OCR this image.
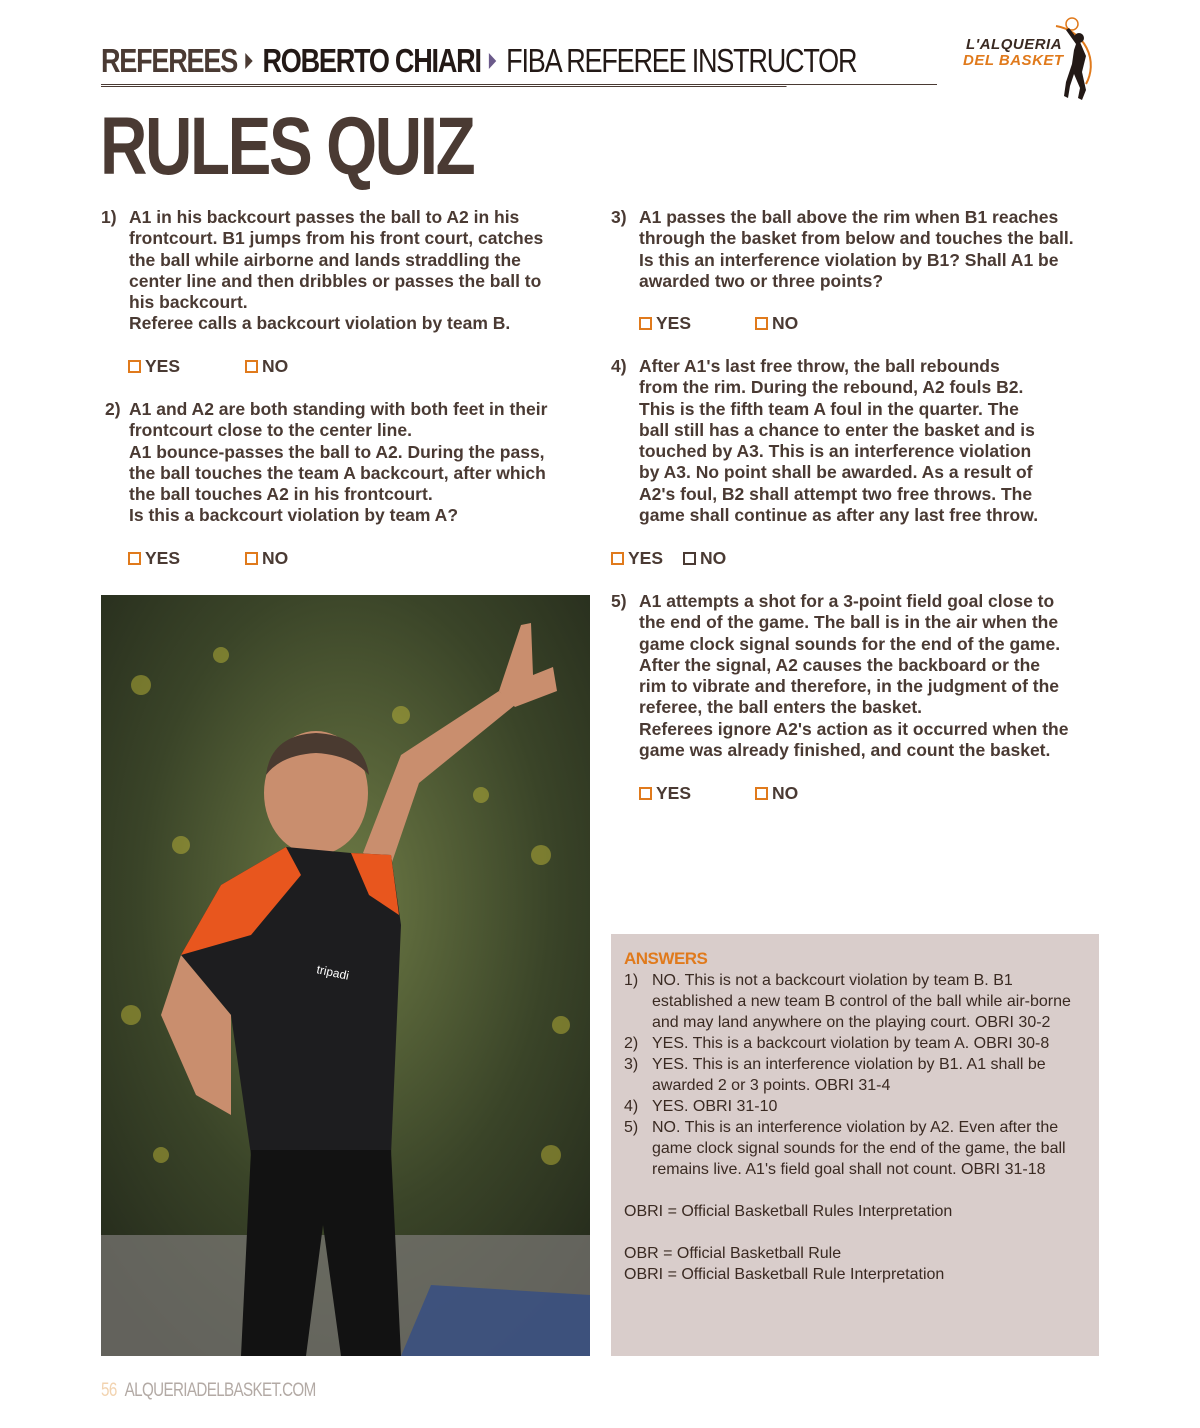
REFEREES ROBERTO CHIARI FIBA REFEREE INSTRUCTOR	L'ALQUERIA
DEL BASKET
RULES QUIZ
1) A1 in his backcourt passes the ball to A2 in his
frontcourt. B1 jumps from his front court, catches
the ball while airborne and lands straddling the
center line and then dribbles or passes the ball to
his backcourt.
Referee calls a backcourt violation by team B.
YES	NO
2) A1 and A2 are both standing with both feet in their
frontcourt close to the center line.
A1 bounce-passes the ball to A2. During the pass,
the ball touches the team A backcourt, after which
the ball touches A2 in his frontcourt.
Is this a backcourt violation by team A?
YES	NO
3) A1 passes the ball above the rim when B1 reaches
through the basket from below and touches the ball.
Is this an interference violation by B1? Shall A1 be
awarded two or three points?
YES	NO
4) After A1's last free throw, the ball rebounds
from the rim. During the rebound, A2 fouls B2.
This is the fifth team A foul in the quarter. The
ball still has a chance to enter the basket and is
touched by A3. This is an interference violation
by A3. No point shall be awarded. As a result of
A2's foul, B2 shall attempt two free throws. The
game shall continue as after any last free throw.
YES NO
5) A1 attempts a shot for a 3-point field goal close to
the end of the game. The ball is in the air when the
game clock signal sounds for the end of the game.
After the signal, A2 causes the backboard or the
rim to vibrate and therefore, in the judgment of the
referee, the ball enters the basket.
Referees ignore A2's action as it occurred when the
game was already finished, and count the basket.
YES	NO
tripadi
ANSWERS
1) NO. This is not a backcourt violation by team B. B1 established a new team B control of the ball while air-borne and may land anywhere on the playing court. OBRI 30-2
2) YES. This is a backcourt violation by team A. OBRI 30-8
3) YES. This is an interference violation by B1. A1 shall be awarded 2 or 3 points. OBRI 31-4
4) YES. OBRI 31-10
5) NO. This is an interference violation by A2. Even after the game clock signal sounds for the end of the game, the ball remains live. A1's field goal shall not count. OBRI 31-18
OBRI = Official Basketball Rules Interpretation
OBR = Official Basketball Rule
OBRI = Official Basketball Rule Interpretation
56 ALQUERIADELBASKET.COM
